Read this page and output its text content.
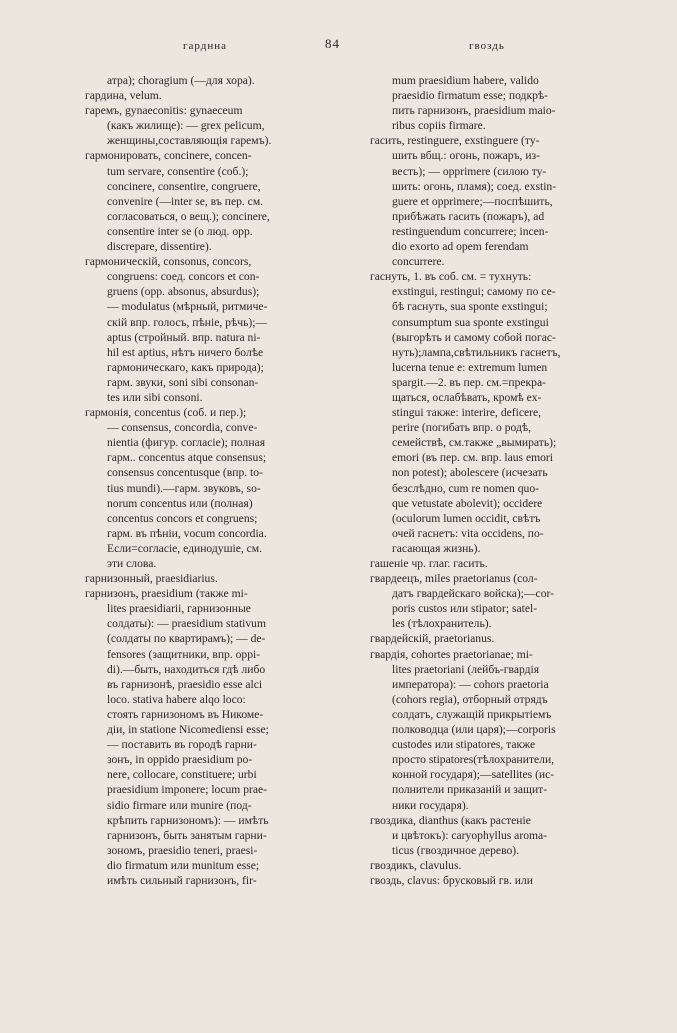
гарднна	84	гвоздь
атра); choragium (—для хора).
гардина, velum.
гаремъ, gynaeconitis: gynaeceum
(какъ жилище): — grex pelicum,
женщины,составляющія гаремъ).
гармонировать, concinere, concen-
tum servare, consentire (соб.);
concinere, consentire, congruere,
convenire (—inter se, въ пер. см.
согласоваться, о вещ.); concinere,
consentire inter se (о люд. opp.
discrepare, dissentire).
гармоническій, consonus, concors,
congruens: соед. concors et con-
gruens (opp. absonus, absurdus);
— modulatus (мѣрный, ритмиче-
скій впр. голосъ, пѣніе, рѣчь);—
aptus (стройный. впр. natura ni-
hil est aptius, нѣтъ ничего болѣе
гармоническаго, какъ природа);
гарм. звуки, soni sibi consonan-
tes или sibi consoni.
гармонія, concentus (соб. и пер.);
— consensus, concordia, conve-
nientia (фигур. согласіе); полная
гарм.. concentus atque consensus;
consensus concentusque (впр. to-
tius mundi).—гарм. звуковъ, so-
norum concentus или (полная)
concentus concors et congruens;
гарм. въ пѣніи, vocum concordia.
Если=согласіе, единодушіе, см.
эти слова.
гарнизонный, praesidiarius.
гарнизонъ, praesidium (также mi-
lites praesidiarii, гарнизонные
солдаты): — praesidium stativum
(солдаты по квартирамъ); — de-
fensores (защитники, впр. oppi-
di).—быть, находиться гдѣ либо
въ гарнизонѣ, praesidio esse alci
loco. stativa habere alqo loco:
стоять гарнизономъ въ Никоме-
діи, in statione Nicomediensi esse;
— поставить въ городѣ гарни-
зонъ, in oppido praesidium po-
nere, collocare, constituere; urbi
praesidium imponere; locum prae-
sidio firmare или munire (под-
крѣпить гарнизономъ): — имѣть
гарнизонъ, быть занятым гарни-
зономъ, praesidio teneri, praesi-
dio firmatum или munitum esse;
имѣть сильный гарнизонъ, fir-
mum praesidium habere, valido
praesidio firmatum esse; подкрѣ-
пить гарнизонъ, praesidium maio-
ribus copiis firmare.
гасить, restinguere, exstinguere (ту-
шить вбщ.: огонь, пожаръ, из-
весть); — opprimere (силою ту-
шить: огонь, пламя); соед. exstin-
guere et opprimere;—поспѣшить,
прибѣжать гасить (пожаръ), ad
restinguendum concurrere; incen-
dio exorto ad opem ferendam
concurrere.
гаснуть, 1. въ соб. см. = тухнуть:
exstingui, restingui; самому по се-
бѣ гаснуть, sua sponte exstingui;
consumptum sua sponte exstingui
(выгорѣть и самому собой погас-
нуть);лампа,свѣтильникъ гаснетъ,
lucerna tenue e: extremum lumen
spargit.—2. въ пер. см.=прекра-
щаться, ослабѣвать, кромѣ ex-
stingui также: interire, deficere,
perire (погибать впр. о родѣ,
семействѣ, см.также „вымирать);
emori (въ пер. см. впр. laus emori
non potest); abolescere (исчезать
безслѣдно, cum re nomen quo-
que vetustate abolevit); occidere
(oculorum lumen occidit, свѣтъ
очей гаснетъ: vita occidens, по-
гасающая жизнь).
гашеніе чр. глаг. гасить.
гвардеецъ, miles praetorianus (сол-
датъ гвардейскаго войска);—cor-
poris custos или stipator; satel-
les (тѣлохранитель).
гвардейскій, praetorianus.
гвардія, cohortes praetorianae; mi-
lites praetoriani (лейбъ-гвардія
императора): — cohors praetoria
(cohors regia), отборный отрядъ
солдатъ, служащій прикрытіемъ
полководца (или царя);—corporis
custodes или stipatores, также
просто stipatores(тѣлохранители,
конной государя);—satellites (ис-
полнители приказаній и защит-
ники государя).
гвоздика, dianthus (какъ растеніе
и цвѣтокъ): caryophyllus aroma-
ticus (гвоздичное дерево).
гвоздикъ, clavulus.
гвоздь, clavus: брусковый гв. или
